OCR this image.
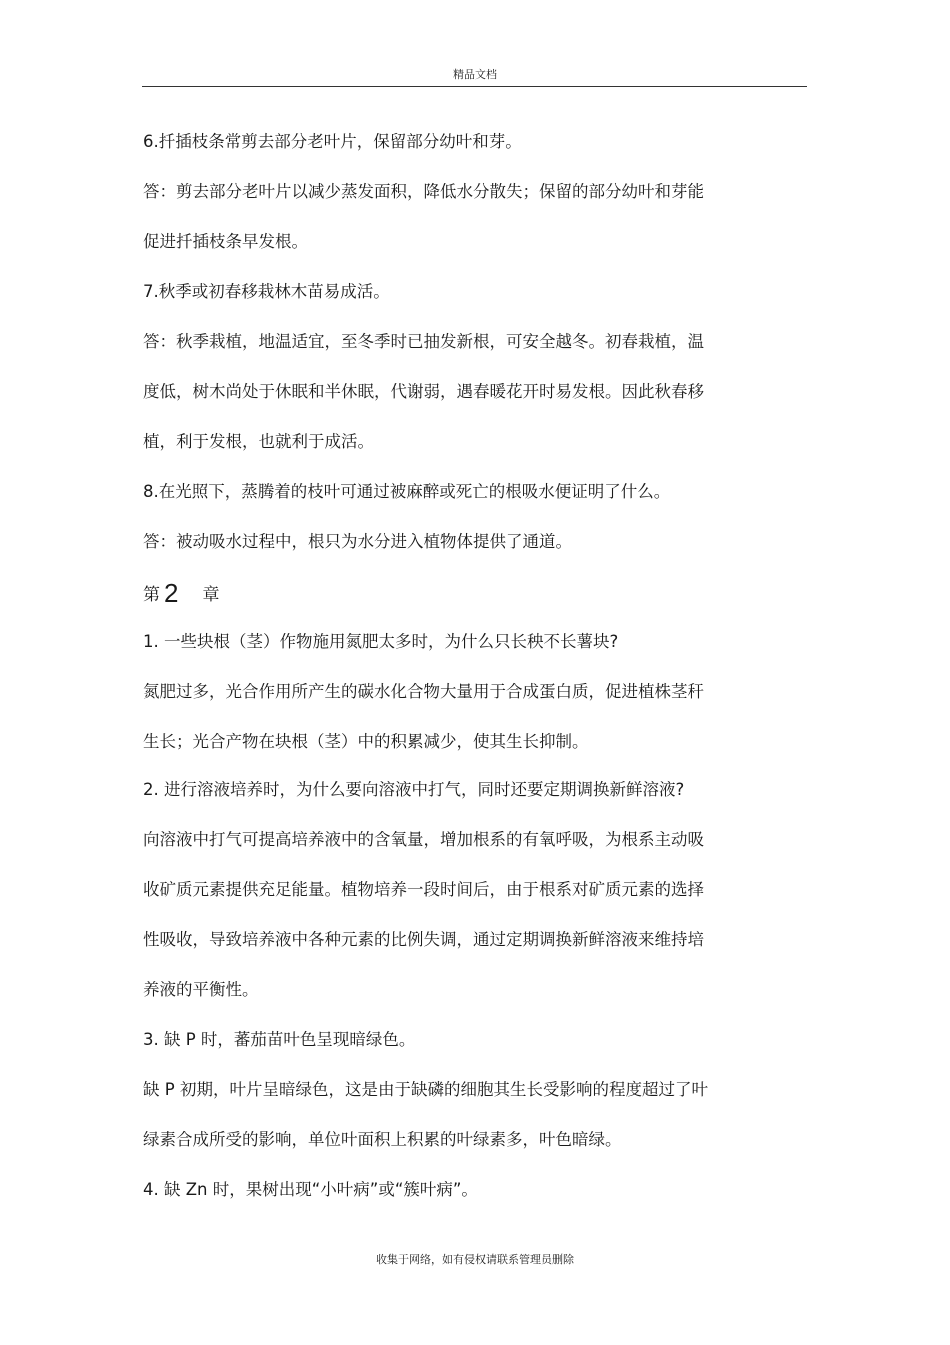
精品文档
6.扦插枝条常剪去部分老叶片，保留部分幼叶和芽。
答：剪去部分老叶片以减少蒸发面积，降低水分散失；保留的部分幼叶和芽能
促进扦插枝条早发根。
7.秋季或初春移栽林木苗易成活。
答：秋季栽植，地温适宜，至冬季时已抽发新根，可安全越冬。初春栽植，温
度低，树木尚处于休眠和半休眠，代谢弱，遇春暖花开时易发根。因此秋春移
植，利于发根，也就利于成活。
8.在光照下，蒸腾着的枝叶可通过被麻醉或死亡的根吸水便证明了什么。
答：被动吸水过程中，根只为水分进入植物体提供了通道。
第 2 章
1. 一些块根（茎）作物施用氮肥太多时，为什么只长秧不长薯块?
氮肥过多，光合作用所产生的碳水化合物大量用于合成蛋白质，促进植株茎秆
生长；光合产物在块根（茎）中的积累减少，使其生长抑制。
2. 进行溶液培养时，为什么要向溶液中打气，同时还要定期调换新鲜溶液?
向溶液中打气可提高培养液中的含氧量，增加根系的有氧呼吸，为根系主动吸
收矿质元素提供充足能量。植物培养一段时间后，由于根系对矿质元素的选择
性吸收，导致培养液中各种元素的比例失调，通过定期调换新鲜溶液来维持培
养液的平衡性。
3. 缺 P 时，蕃茄苗叶色呈现暗绿色。
缺 P 初期，叶片呈暗绿色，这是由于缺磷的细胞其生长受影响的程度超过了叶
绿素合成所受的影响，单位叶面积上积累的叶绿素多，叶色暗绿。
4. 缺 Zn 时，果树出现“小叶病”或“簇叶病”。
收集于网络，如有侵权请联系管理员删除
